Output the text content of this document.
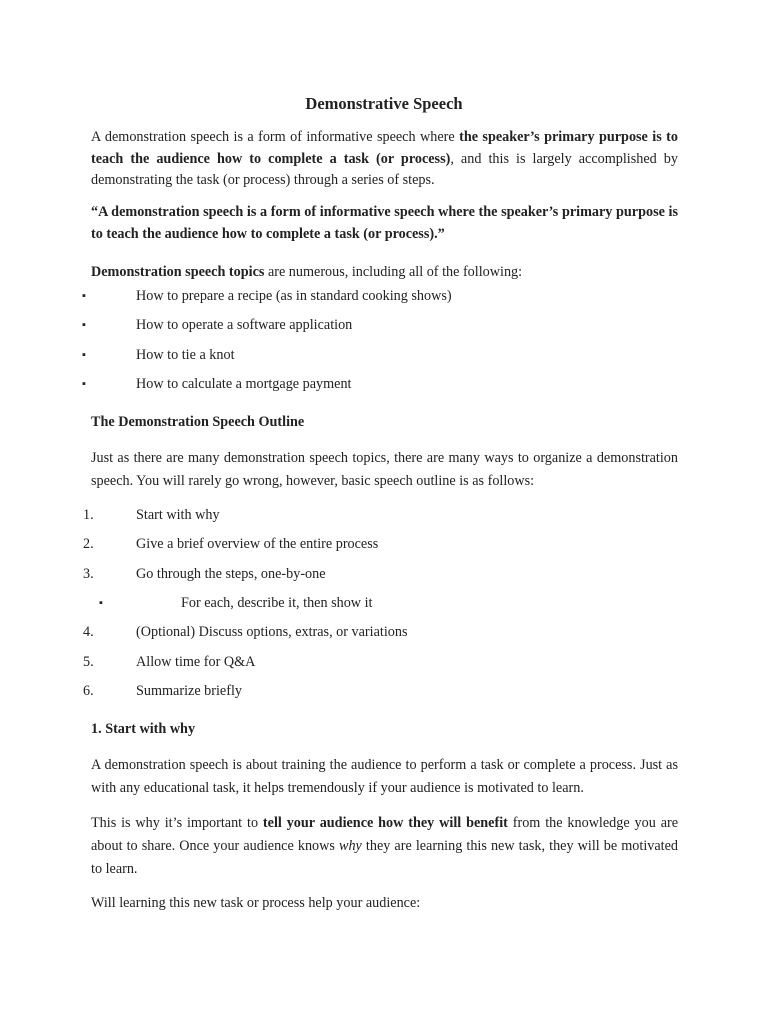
Demonstrative Speech
A demonstration speech is a form of informative speech where the speaker’s primary purpose is to teach the audience how to complete a task (or process), and this is largely accomplished by demonstrating the task (or process) through a series of steps.
“A demonstration speech is a form of informative speech where the speaker’s primary purpose is to teach the audience how to complete a task (or process).”
Demonstration speech topics are numerous, including all of the following:
▪	How to prepare a recipe (as in standard cooking shows)
▪	How to operate a software application
▪	How to tie a knot
▪	How to calculate a mortgage payment
The Demonstration Speech Outline
Just as there are many demonstration speech topics, there are many ways to organize a demonstration speech. You will rarely go wrong, however, basic speech outline is as follows:
1.	Start with why
2.	Give a brief overview of the entire process
3.	Go through the steps, one-by-one
▪	For each, describe it, then show it
4.	(Optional) Discuss options, extras, or variations
5.	Allow time for Q&A
6.	Summarize briefly
1. Start with why
A demonstration speech is about training the audience to perform a task or complete a process. Just as with any educational task, it helps tremendously if your audience is motivated to learn.
This is why it’s important to tell your audience how they will benefit from the knowledge you are about to share. Once your audience knows why they are learning this new task, they will be motivated to learn.
Will learning this new task or process help your audience:
